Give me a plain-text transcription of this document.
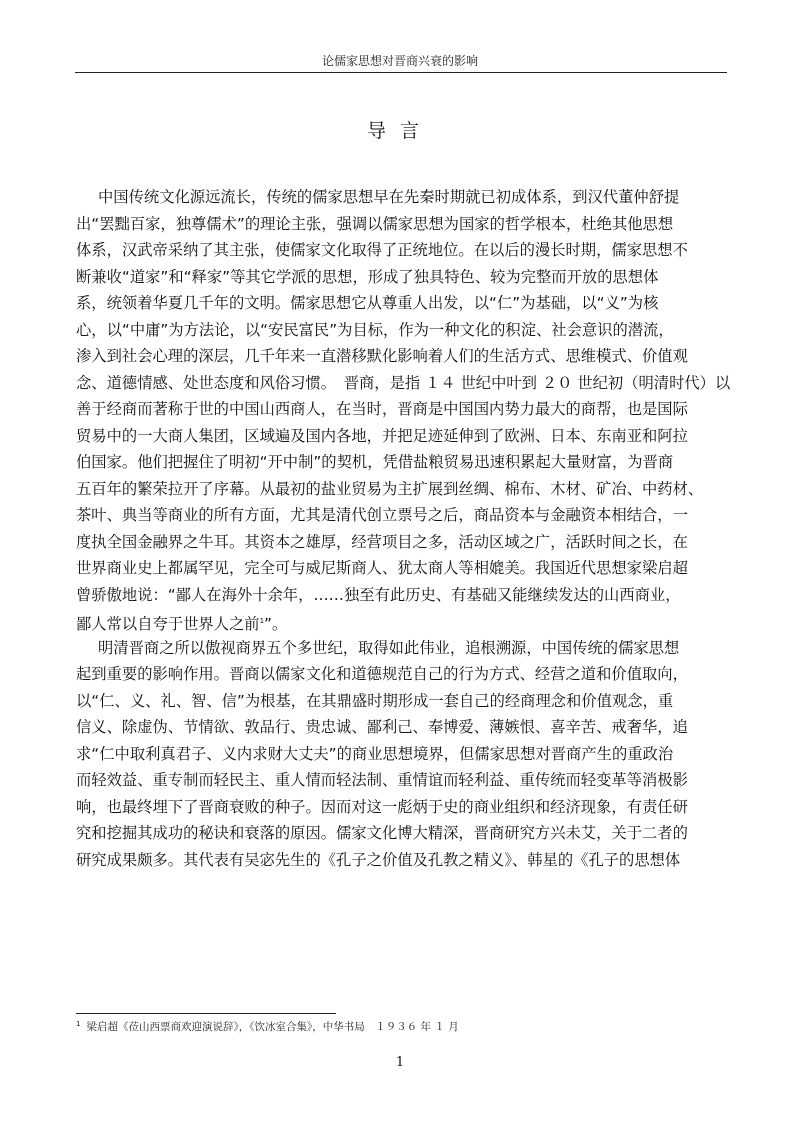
论儒家思想对晋商兴衰的影响
导言
中国传统文化源远流长，传统的儒家思想早在先秦时期就已初成体系，到汉代董仲舒提
出“罢黜百家，独尊儒术”的理论主张，强调以儒家思想为国家的哲学根本，杜绝其他思想
体系，汉武帝采纳了其主张，使儒家文化取得了正统地位。在以后的漫长时期，儒家思想不
断兼收“道家”和“释家”等其它学派的思想，形成了独具特色、较为完整而开放的思想体
系，统领着华夏几千年的文明。儒家思想它从尊重人出发，以“仁”为基础，以“义”为核
心，以“中庸”为方法论，以“安民富民”为目标，作为一种文化的积淀、社会意识的潜流，
渗入到社会心理的深层，几千年来一直潜移默化影响着人们的生活方式、思维模式、价值观
念、道德情感、处世态度和风俗习惯。　晋商，是指 １４ 世纪中叶到 ２０ 世纪初（明清时代）以
善于经商而著称于世的中国山西商人，在当时，晋商是中国国内势力最大的商帮，也是国际
贸易中的一大商人集团，区域遍及国内各地，并把足迹延伸到了欧洲、日本、东南亚和阿拉
伯国家。他们把握住了明初“开中制”的契机，凭借盐粮贸易迅速积累起大量财富，为晋商
五百年的繁荣拉开了序幕。从最初的盐业贸易为主扩展到丝绸、棉布、木材、矿冶、中药材、
茶叶、典当等商业的所有方面，尤其是清代创立票号之后，商品资本与金融资本相结合，一
度执全国金融界之牛耳。其资本之雄厚，经营项目之多，活动区域之广，活跃时间之长，在
世界商业史上都属罕见，完全可与威尼斯商人、犹太商人等相媲美。我国近代思想家梁启超
曾骄傲地说：“鄙人在海外十余年，……独至有此历史、有基础又能继续发达的山西商业，
鄙人常以自夸于世界人之前$^1$”。
明清晋商之所以傲视商界五个多世纪，取得如此伟业，追根溯源，中国传统的儒家思想
起到重要的影响作用。晋商以儒家文化和道德规范自己的行为方式、经营之道和价值取向，
以“仁、义、礼、智、信”为根基，在其鼎盛时期形成一套自己的经商理念和价值观念，重
信义、除虚伪、节情欲、敦品行、贵忠诚、鄙利己、奉博爱、薄嫉恨、喜辛苦、戒奢华，追
求“仁中取利真君子、义内求财大丈夫”的商业思想境界，但儒家思想对晋商产生的重政治
而轻效益、重专制而轻民主、重人情而轻法制、重情谊而轻利益、重传统而轻变革等消极影
响，也最终埋下了晋商衰败的种子。因而对这一彪炳于史的商业组织和经济现象，有责任研
究和挖掘其成功的秘诀和衰落的原因。儒家文化博大精深，晋商研究方兴未艾，关于二者的
研究成果颇多。其代表有吴宓先生的《孔子之价值及孔教之精义》、韩星的《孔子的思想体
$^1$ 梁启超《莅山西票商欢迎演说辞》，《饮冰室合集》，中华书局　１９３６ 年 １ 月
1
